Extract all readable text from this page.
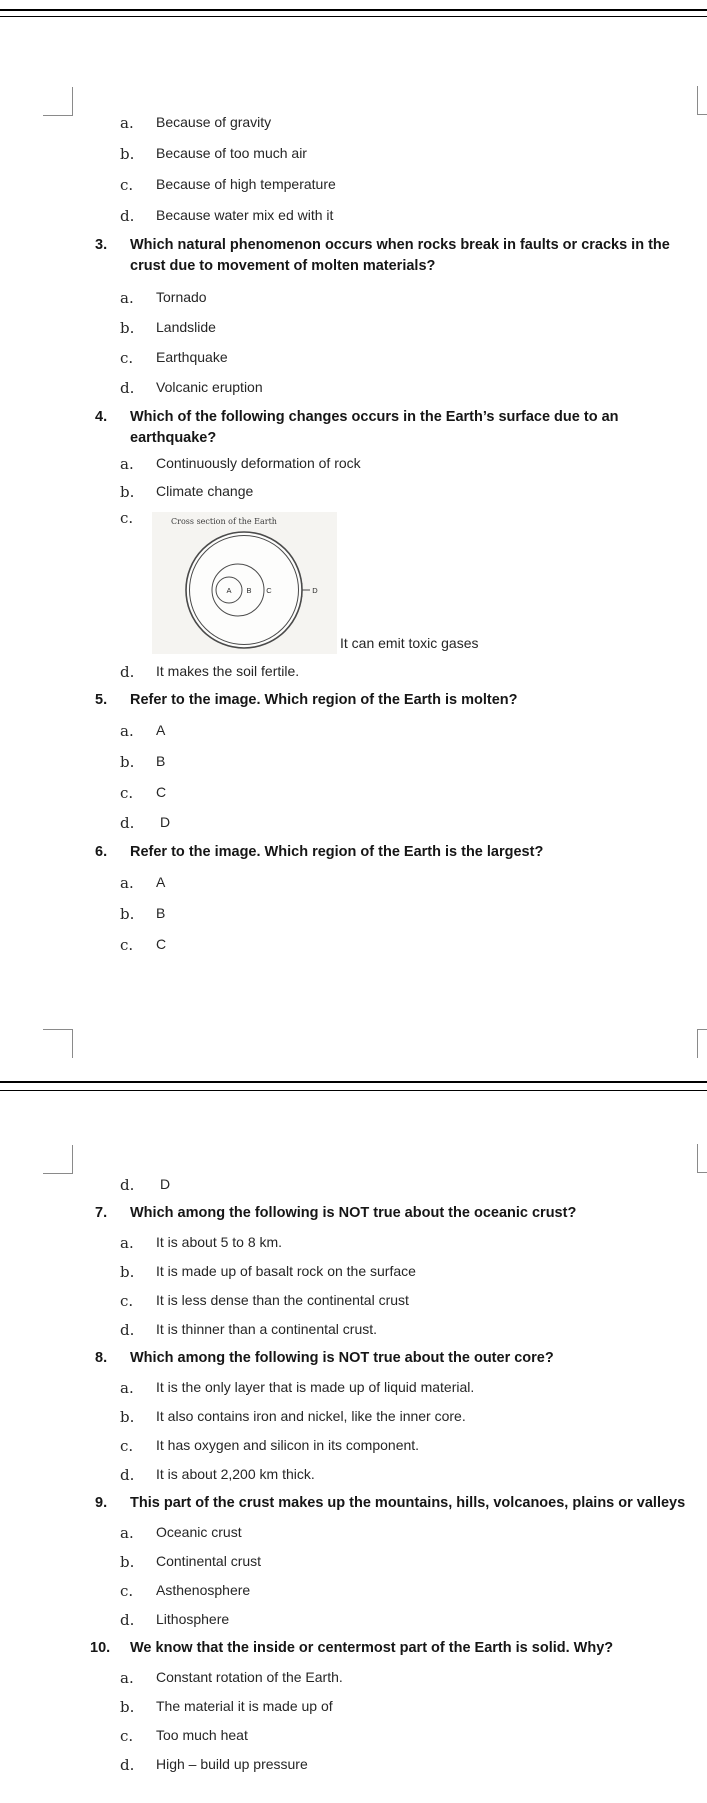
a. Because of gravity
b. Because of too much air
c. Because of high temperature
d. Because water mix ed with it
3. Which natural phenomenon occurs when rocks break in faults or cracks in the
crust due to movement of molten materials?
a. Tornado
b. Landslide
c. Earthquake
d. Volcanic eruption
4. Which of the following changes occurs in the Earth’s surface due to an
earthquake?
a. Continuously deformation of rock
b. Climate change
c.	Cross section of the Earth
A B C	D
It can emit toxic gases
d. It makes the soil fertile.
5. Refer to the image. Which region of the Earth is molten?
a. A
b. B
c. C
d. D
6. Refer to the image. Which region of the Earth is the largest?
a. A
b. B
c. C
d. D
7. Which among the following is NOT true about the oceanic crust?
a. It is about 5 to 8 km.
b. It is made up of basalt rock on the surface
c. It is less dense than the continental crust
d. It is thinner than a continental crust.
8. Which among the following is NOT true about the outer core?
a. It is the only layer that is made up of liquid material.
b. It also contains iron and nickel, like the inner core.
c. It has oxygen and silicon in its component.
d. It is about 2,200 km thick.
9. This part of the crust makes up the mountains, hills, volcanoes, plains or valleys
a. Oceanic crust
b. Continental crust
c. Asthenosphere
d. Lithosphere
10. We know that the inside or centermost part of the Earth is solid. Why?
a. Constant rotation of the Earth.
b. The material it is made up of
c. Too much heat
d. High – build up pressure
